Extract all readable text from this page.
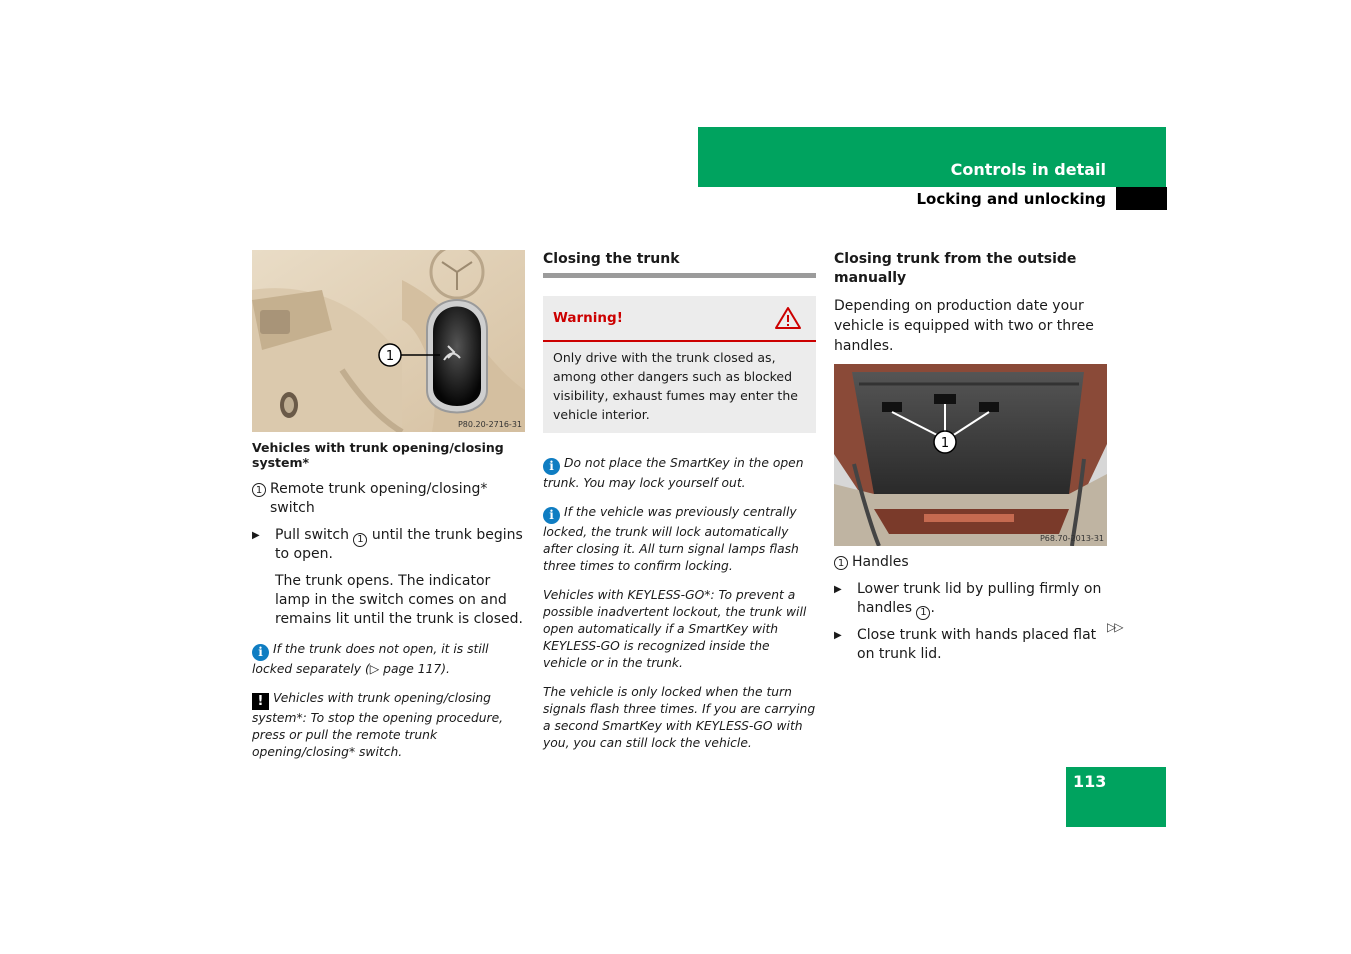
Controls in detail
Locking and unlocking
1
P80.20-2716-31
Vehicles with trunk opening/closing system*
1 Remote trunk opening/closing* switch
▶	Pull switch 1 until the trunk begins to open.
The trunk opens. The indicator lamp in the switch comes on and remains lit until the trunk is closed.
i If the trunk does not open, it is still locked separately (▷ page 117).
! Vehicles with trunk opening/closing system*: To stop the opening procedure, press or pull the remote trunk opening/closing* switch.
Closing the trunk
Warning!
Only drive with the trunk closed as, among other dangers such as blocked visibility, exhaust fumes may enter the vehicle interior.
i Do not place the SmartKey in the open trunk. You may lock yourself out.
i If the vehicle was previously centrally locked, the trunk will lock automatically after closing it. All turn signal lamps flash three times to confirm locking.
Vehicles with KEYLESS-GO*: To prevent a possible inadvertent lockout, the trunk will open automatically if a SmartKey with KEYLESS-GO is recognized inside the vehicle or in the trunk.
The vehicle is only locked when the turn signals flash three times. If you are carrying a second SmartKey with KEYLESS-GO with you, you can still lock the vehicle.
Closing trunk from the outside manually
Depending on production date your vehicle is equipped with two or three handles.
1
P68.70-2013-31
1 Handles
▶	Lower trunk lid by pulling firmly on handles 1 .
▶	Close trunk with hands placed flat on trunk lid.
▷▷
113
